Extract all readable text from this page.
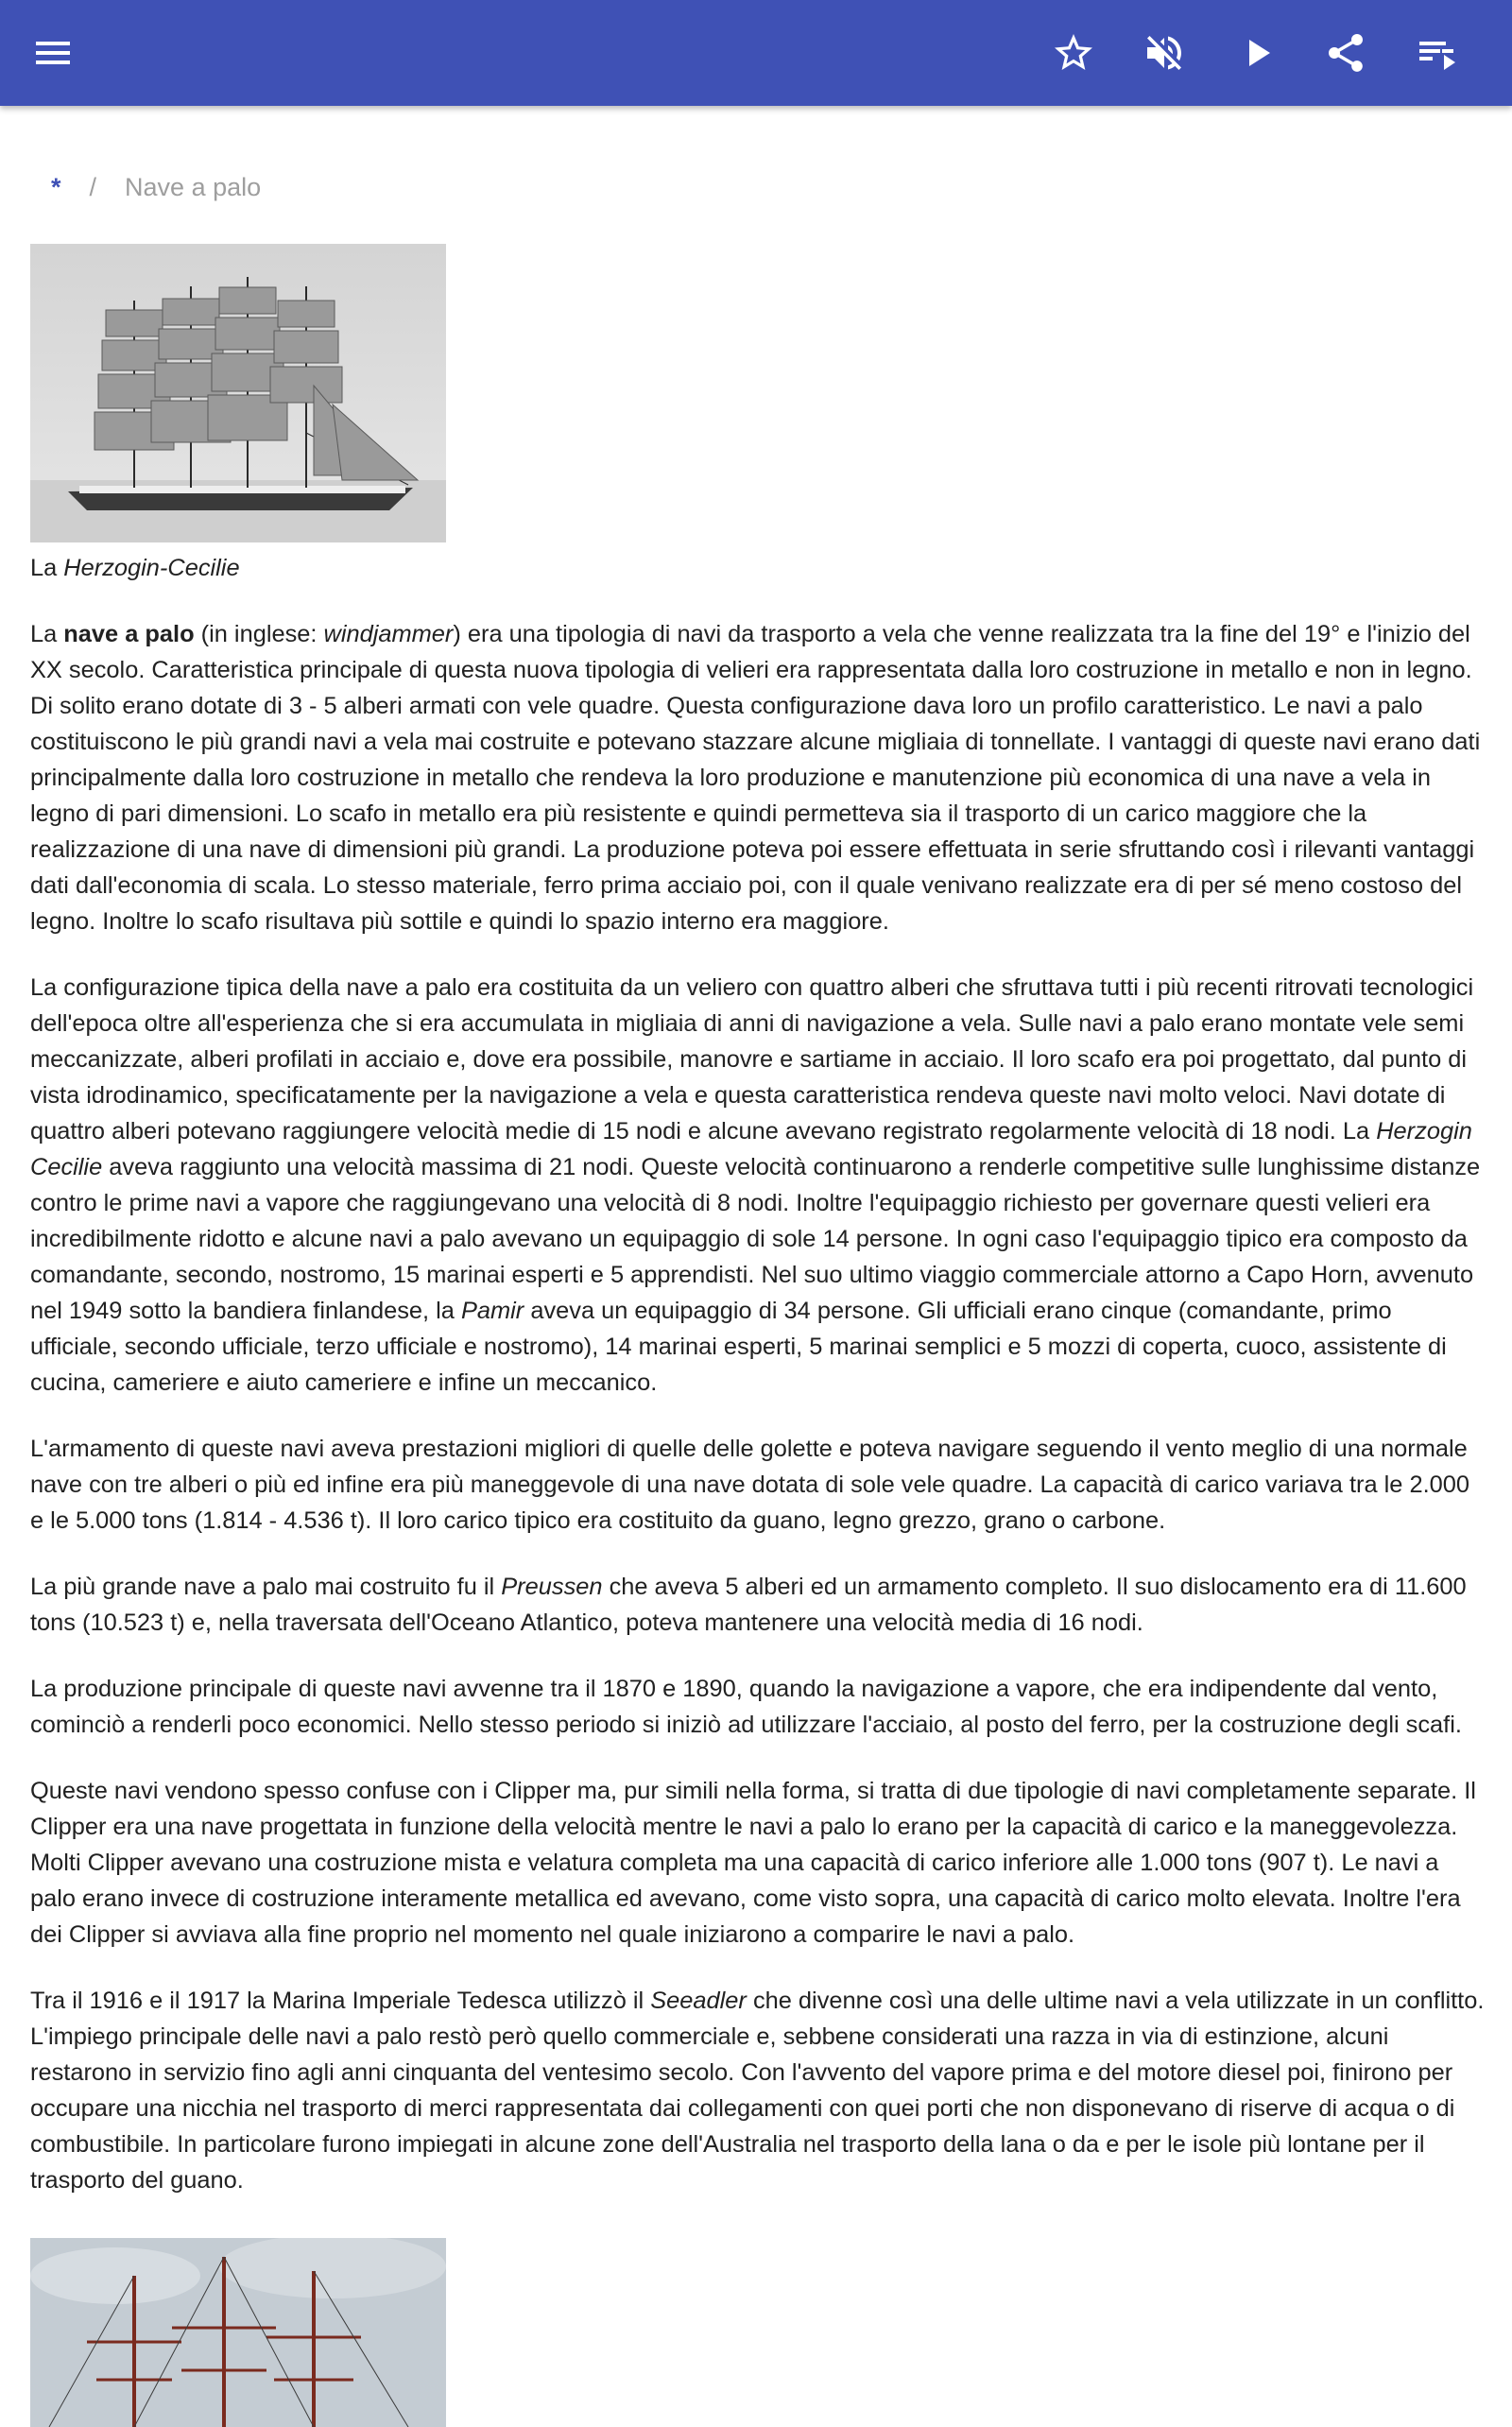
* / Nave a palo

La Herzogin-Cecilie

La nave a palo (in inglese: windjammer) era una tipologia di navi da trasporto a vela che venne realizzata tra la fine del 19° e l'inizio del XX secolo. Caratteristica principale di questa nuova tipologia di velieri era rappresentata dalla loro costruzione in metallo e non in legno. Di solito erano dotate di 3 - 5 alberi armati con vele quadre. Questa configurazione dava loro un profilo caratteristico. Le navi a palo costituiscono le più grandi navi a vela mai costruite e potevano stazzare alcune migliaia di tonnellate. I vantaggi di queste navi erano dati principalmente dalla loro costruzione in metallo che rendeva la loro produzione e manutenzione più economica di una nave a vela in legno di pari dimensioni. Lo scafo in metallo era più resistente e quindi permetteva sia il trasporto di un carico maggiore che la realizzazione di una nave di dimensioni più grandi. La produzione poteva poi essere effettuata in serie sfruttando così i rilevanti vantaggi dati dall'economia di scala. Lo stesso materiale, ferro prima acciaio poi, con il quale venivano realizzate era di per sé meno costoso del legno. Inoltre lo scafo risultava più sottile e quindi lo spazio interno era maggiore.

La configurazione tipica della nave a palo era costituita da un veliero con quattro alberi che sfruttava tutti i più recenti ritrovati tecnologici dell'epoca oltre all'esperienza che si era accumulata in migliaia di anni di navigazione a vela. Sulle navi a palo erano montate vele semi meccanizzate, alberi profilati in acciaio e, dove era possibile, manovre e sartiame in acciaio. Il loro scafo era poi progettato, dal punto di vista idrodinamico, specificatamente per la navigazione a vela e questa caratteristica rendeva queste navi molto veloci. Navi dotate di quattro alberi potevano raggiungere velocità medie di 15 nodi e alcune avevano registrato regolarmente velocità di 18 nodi. La Herzogin Cecilie aveva raggiunto una velocità massima di 21 nodi. Queste velocità continuarono a renderle competitive sulle lunghissime distanze contro le prime navi a vapore che raggiungevano una velocità di 8 nodi. Inoltre l'equipaggio richiesto per governare questi velieri era incredibilmente ridotto e alcune navi a palo avevano un equipaggio di sole 14 persone. In ogni caso l'equipaggio tipico era composto da comandante, secondo, nostromo, 15 marinai esperti e 5 apprendisti. Nel suo ultimo viaggio commerciale attorno a Capo Horn, avvenuto nel 1949 sotto la bandiera finlandese, la Pamir aveva un equipaggio di 34 persone. Gli ufficiali erano cinque (comandante, primo ufficiale, secondo ufficiale, terzo ufficiale e nostromo), 14 marinai esperti, 5 marinai semplici e 5 mozzi di coperta, cuoco, assistente di cucina, cameriere e aiuto cameriere e infine un meccanico.

L'armamento di queste navi aveva prestazioni migliori di quelle delle golette e poteva navigare seguendo il vento meglio di una normale nave con tre alberi o più ed infine era più maneggevole di una nave dotata di sole vele quadre. La capacità di carico variava tra le 2.000 e le 5.000 tons (1.814 - 4.536 t). Il loro carico tipico era costituito da guano, legno grezzo, grano o carbone.

La più grande nave a palo mai costruito fu il Preussen che aveva 5 alberi ed un armamento completo. Il suo dislocamento era di 11.600 tons (10.523 t) e, nella traversata dell'Oceano Atlantico, poteva mantenere una velocità media di 16 nodi.

La produzione principale di queste navi avvenne tra il 1870 e 1890, quando la navigazione a vapore, che era indipendente dal vento, cominciò a renderli poco economici. Nello stesso periodo si iniziò ad utilizzare l'acciaio, al posto del ferro, per la costruzione degli scafi.

Queste navi vendono spesso confuse con i Clipper ma, pur simili nella forma, si tratta di due tipologie di navi completamente separate. Il Clipper era una nave progettata in funzione della velocità mentre le navi a palo lo erano per la capacità di carico e la maneggevolezza. Molti Clipper avevano una costruzione mista e velatura completa ma una capacità di carico inferiore alle 1.000 tons (907 t). Le navi a palo erano invece di costruzione interamente metallica ed avevano, come visto sopra, una capacità di carico molto elevata. Inoltre l'era dei Clipper si avviava alla fine proprio nel momento nel quale iniziarono a comparire le navi a palo.

Tra il 1916 e il 1917 la Marina Imperiale Tedesca utilizzò il Seeadler che divenne così una delle ultime navi a vela utilizzate in un conflitto. L'impiego principale delle navi a palo restò però quello commerciale e, sebbene considerati una razza in via di estinzione, alcuni restarono in servizio fino agli anni cinquanta del ventesimo secolo. Con l'avvento del vapore prima e del motore diesel poi, finirono per occupare una nicchia nel trasporto di merci rappresentata dai collegamenti con quei porti che non disponevano di riserve di acqua o di combustibile. In particolare furono impiegati in alcune zone dell'Australia nel trasporto della lana o da e per le isole più lontane per il trasporto del guano.
